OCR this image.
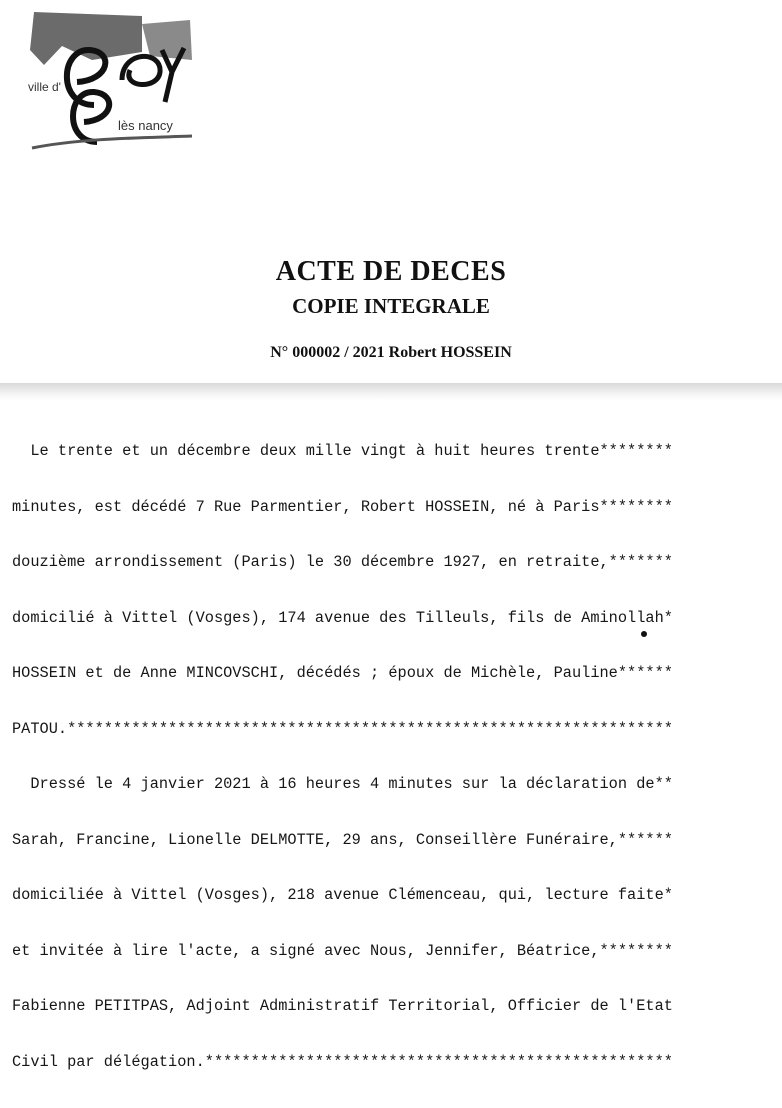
ville d'
lès nancy
ACTE DE DECES
COPIE INTEGRALE
N° 000002 / 2021 Robert HOSSEIN

Le trente et un décembre deux mille vingt à huit heures trente********

minutes, est décédé 7 Rue Parmentier, Robert HOSSEIN, né à Paris********

douzième arrondissement (Paris) le 30 décembre 1927, en retraite,*******

domicilié à Vittel (Vosges), 174 avenue des Tilleuls, fils de Aminollah*

HOSSEIN et de Anne MINCOVSCHI, décédés ; époux de Michèle, Pauline******

PATOU.******************************************************************

Dressé le 4 janvier 2021 à 16 heures 4 minutes sur la déclaration de**

Sarah, Francine, Lionelle DELMOTTE, 29 ans, Conseillère Funéraire,******

domiciliée à Vittel (Vosges), 218 avenue Clémenceau, qui, lecture faite*

et invitée à lire l'acte, a signé avec Nous, Jennifer, Béatrice,********

Fabienne PETITPAS, Adjoint Administratif Territorial, Officier de l'Etat

Civil par délégation.***************************************************
